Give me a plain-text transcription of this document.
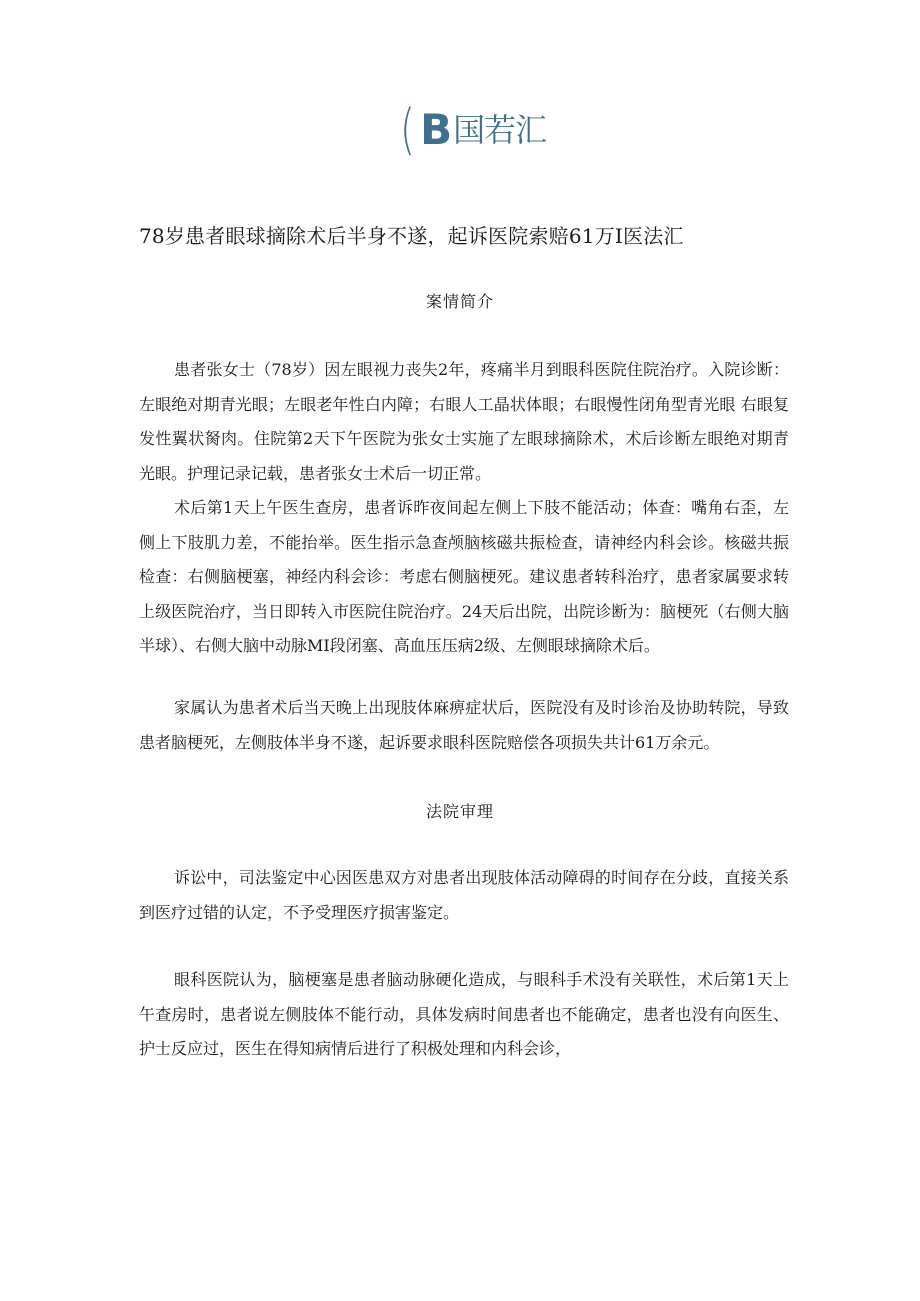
( B 国若汇
78岁患者眼球摘除术后半身不遂，起诉医院索赔61万I医法汇
案情简介
患者张女士（78岁）因左眼视力丧失2年，疼痛半月到眼科医院住院治疗。入院诊断：左眼绝对期青光眼；左眼老年性白内障；右眼人工晶状体眼；右眼慢性闭角型青光眼 右眼复发性翼状胬肉。住院第2天下午医院为张女士实施了左眼球摘除术，术后诊断左眼绝对期青光眼。护理记录记载，患者张女士术后一切正常。
术后第1天上午医生查房，患者诉昨夜间起左侧上下肢不能活动；体查：嘴角右歪，左侧上下肢肌力差，不能抬举。医生指示急查颅脑核磁共振检查，请神经内科会诊。核磁共振检查：右侧脑梗塞，神经内科会诊：考虑右侧脑梗死。建议患者转科治疗，患者家属要求转上级医院治疗，当日即转入市医院住院治疗。24天后出院，出院诊断为：脑梗死（右侧大脑半球）、右侧大脑中动脉MI段闭塞、高血压压病2级、左侧眼球摘除术后。
家属认为患者术后当天晚上出现肢体麻痹症状后，医院没有及时诊治及协助转院，导致患者脑梗死，左侧肢体半身不遂，起诉要求眼科医院赔偿各项损失共计61万余元。
法院审理
诉讼中，司法鉴定中心因医患双方对患者出现肢体活动障碍的时间存在分歧，直接关系到医疗过错的认定，不予受理医疗损害鉴定。
眼科医院认为，脑梗塞是患者脑动脉硬化造成，与眼科手术没有关联性，术后第1天上午查房时，患者说左侧肢体不能行动，具体发病时间患者也不能确定，患者也没有向医生、护士反应过，医生在得知病情后进行了积极处理和内科会诊，
